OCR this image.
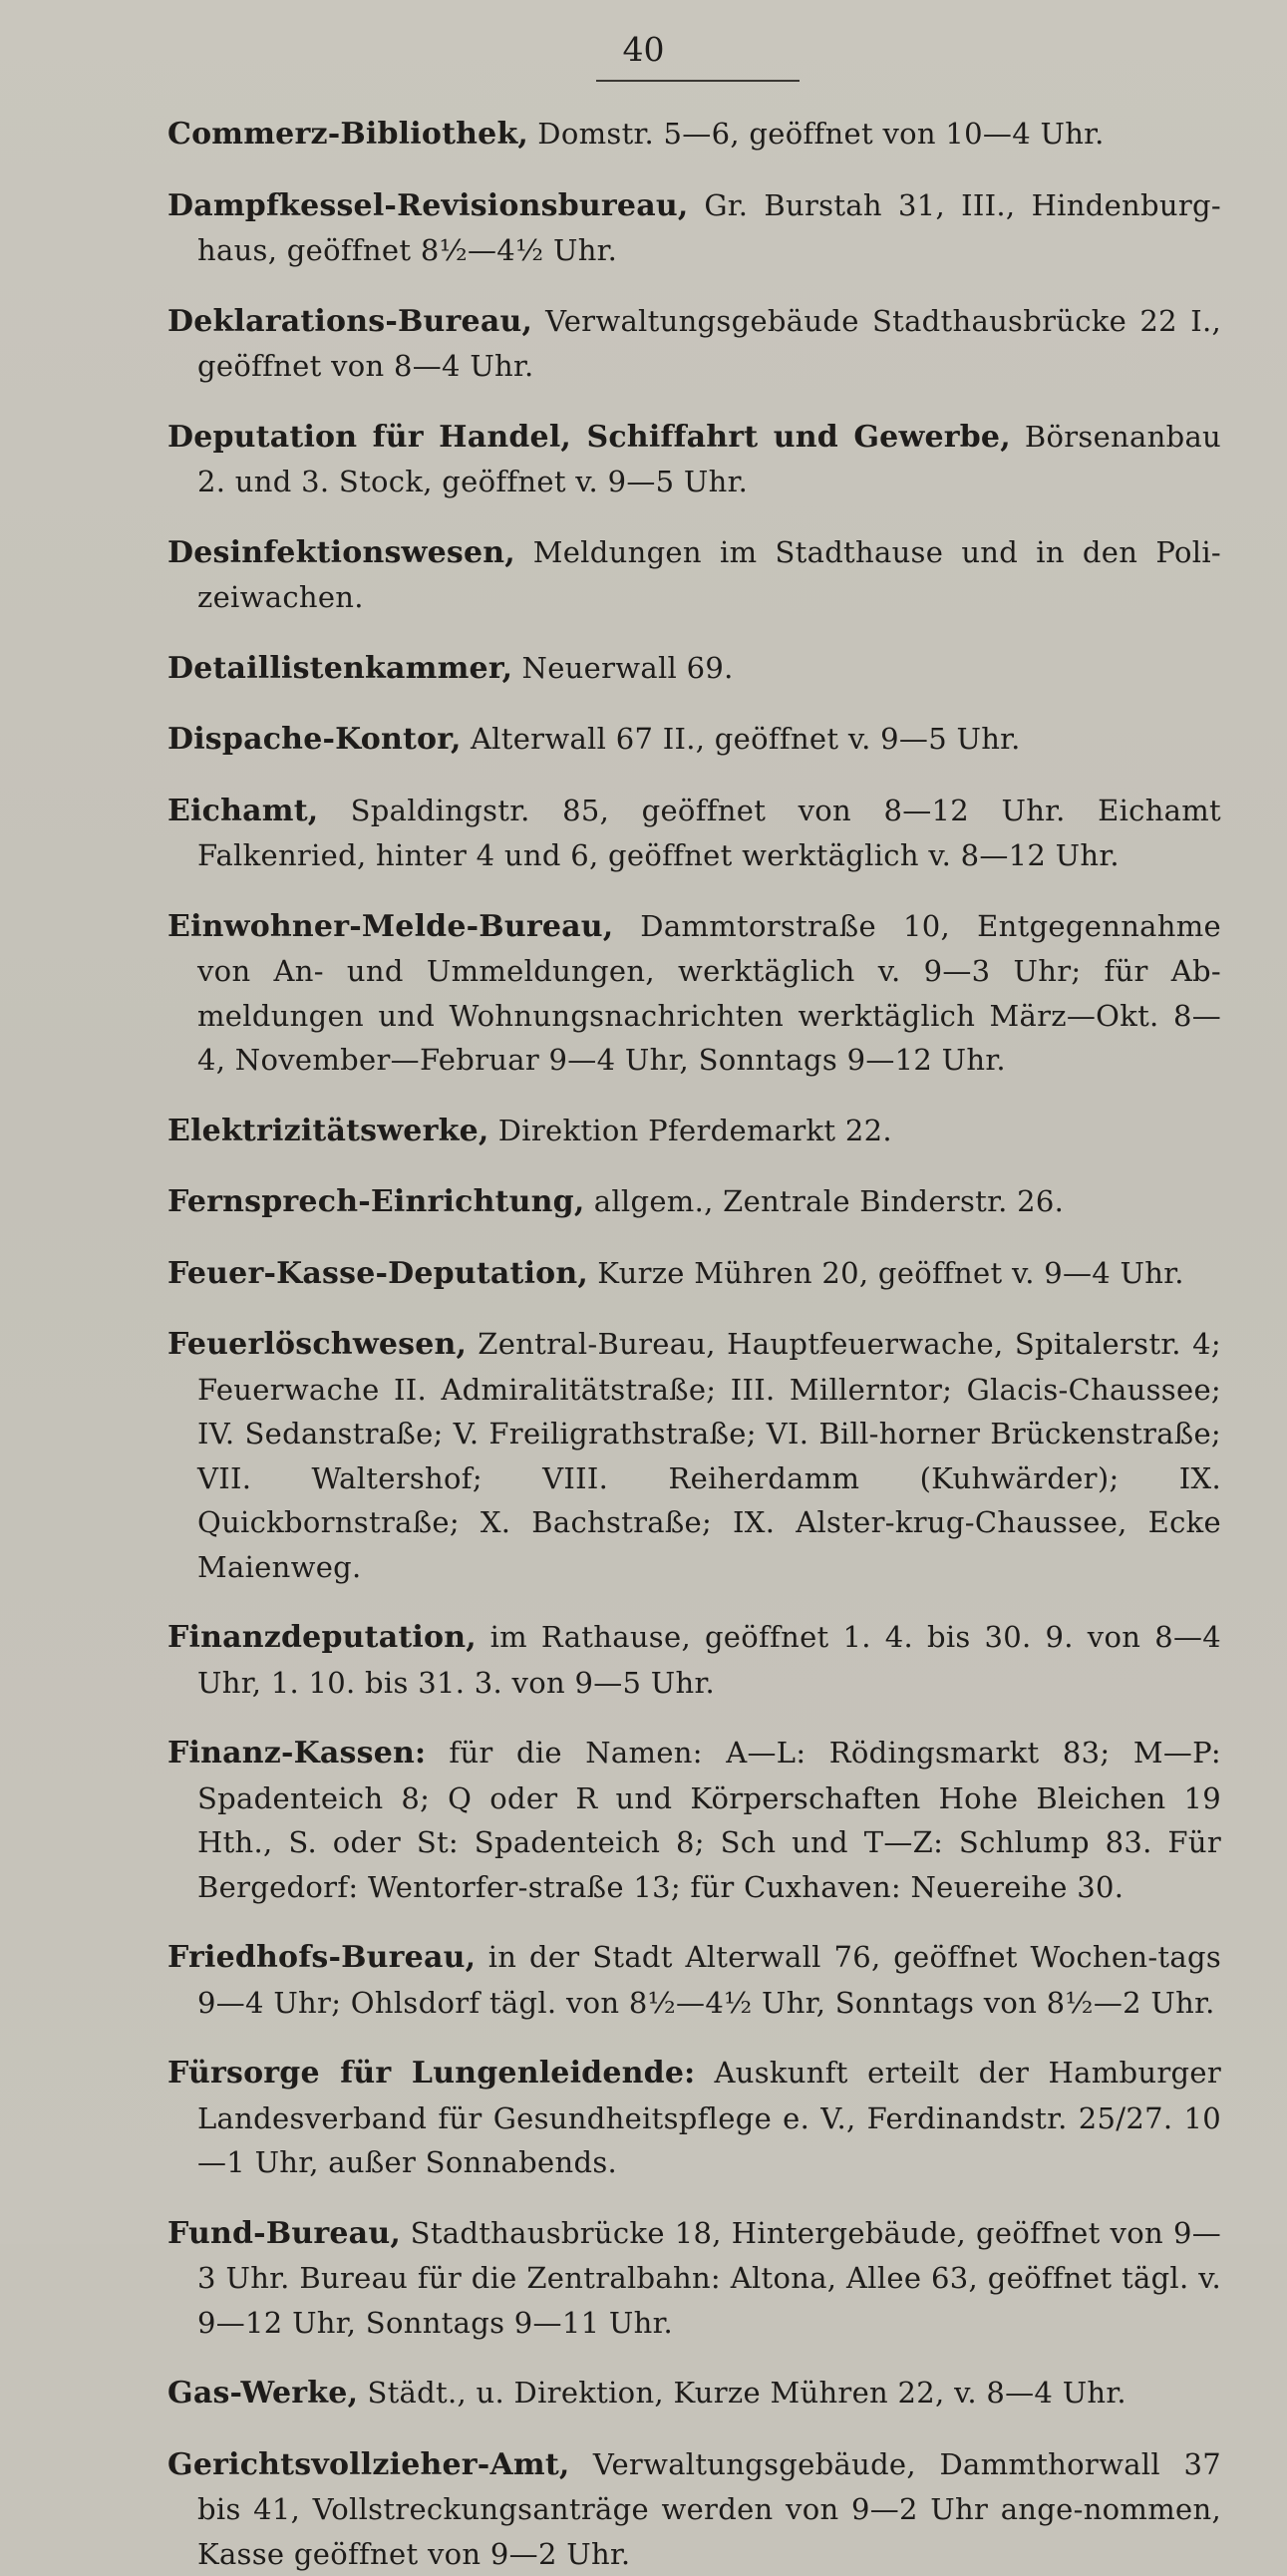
40

Commerz-Bibliothek, Domstr. 5—6, geöffnet von 10—4 Uhr.

Dampfkessel-Revisionsbureau, Gr. Burstah 31, III., Hindenburg-haus, geöffnet 8½—4½ Uhr.

Deklarations-Bureau, Verwaltungsgebäude Stadthausbrücke 22 I., geöffnet von 8—4 Uhr.

Deputation für Handel, Schiffahrt und Gewerbe, Börsenanbau 2. und 3. Stock, geöffnet v. 9—5 Uhr.

Desinfektionswesen, Meldungen im Stadthause und in den Poli-zeiwachen.

Detaillistenkammer, Neuerwall 69.

Dispache-Kontor, Alterwall 67 II., geöffnet v. 9—5 Uhr.

Eichamt, Spaldingstr. 85, geöffnet von 8—12 Uhr. Eichamt Falkenried, hinter 4 und 6, geöffnet werktäglich v. 8—12 Uhr.

Einwohner-Melde-Bureau, Dammtorstraße 10, Entgegennahme von An- und Ummeldungen, werktäglich v. 9—3 Uhr; für Ab-meldungen und Wohnungsnachrichten werktäglich März—Okt. 8—4, November—Februar 9—4 Uhr, Sonntags 9—12 Uhr.

Elektrizitätswerke, Direktion Pferdemarkt 22.

Fernsprech-Einrichtung, allgem., Zentrale Binderstr. 26.

Feuer-Kasse-Deputation, Kurze Mühren 20, geöffnet v. 9—4 Uhr.

Feuerlöschwesen, Zentral-Bureau, Hauptfeuerwache, Spitalerstr. 4; Feuerwache II. Admiralitätstraße; III. Millerntor; Glacis-Chaussee; IV. Sedanstraße; V. Freiligrathstraße; VI. Bill-horner Brückenstraße; VII. Waltershof; VIII. Reiherdamm (Kuhwärder); IX. Quickbornstraße; X. Bachstraße; IX. Alster-krug-Chaussee, Ecke Maienweg.

Finanzdeputation, im Rathause, geöffnet 1. 4. bis 30. 9. von 8—4 Uhr, 1. 10. bis 31. 3. von 9—5 Uhr.

Finanz-Kassen: für die Namen: A—L: Rödingsmarkt 83; M—P: Spadenteich 8; Q oder R und Körperschaften Hohe Bleichen 19 Hth., S. oder St: Spadenteich 8; Sch und T—Z: Schlump 83. Für Bergedorf: Wentorfer-straße 13; für Cuxhaven: Neuereihe 30.

Friedhofs-Bureau, in der Stadt Alterwall 76, geöffnet Wochen-tags 9—4 Uhr; Ohlsdorf tägl. von 8½—4½ Uhr, Sonntags von 8½—2 Uhr.

Fürsorge für Lungenleidende: Auskunft erteilt der Hamburger Landesverband für Gesundheitspflege e. V., Ferdinandstr. 25/27. 10—1 Uhr, außer Sonnabends.

Fund-Bureau, Stadthausbrücke 18, Hintergebäude, geöffnet von 9—3 Uhr. Bureau für die Zentralbahn: Altona, Allee 63, geöffnet tägl. v. 9—12 Uhr, Sonntags 9—11 Uhr.

Gas-Werke, Städt., u. Direktion, Kurze Mühren 22, v. 8—4 Uhr.

Gerichtsvollzieher-Amt, Verwaltungsgebäude, Dammthorwall 37 bis 41, Vollstreckungsanträge werden von 9—2 Uhr ange-nommen, Kasse geöffnet von 9—2 Uhr.
